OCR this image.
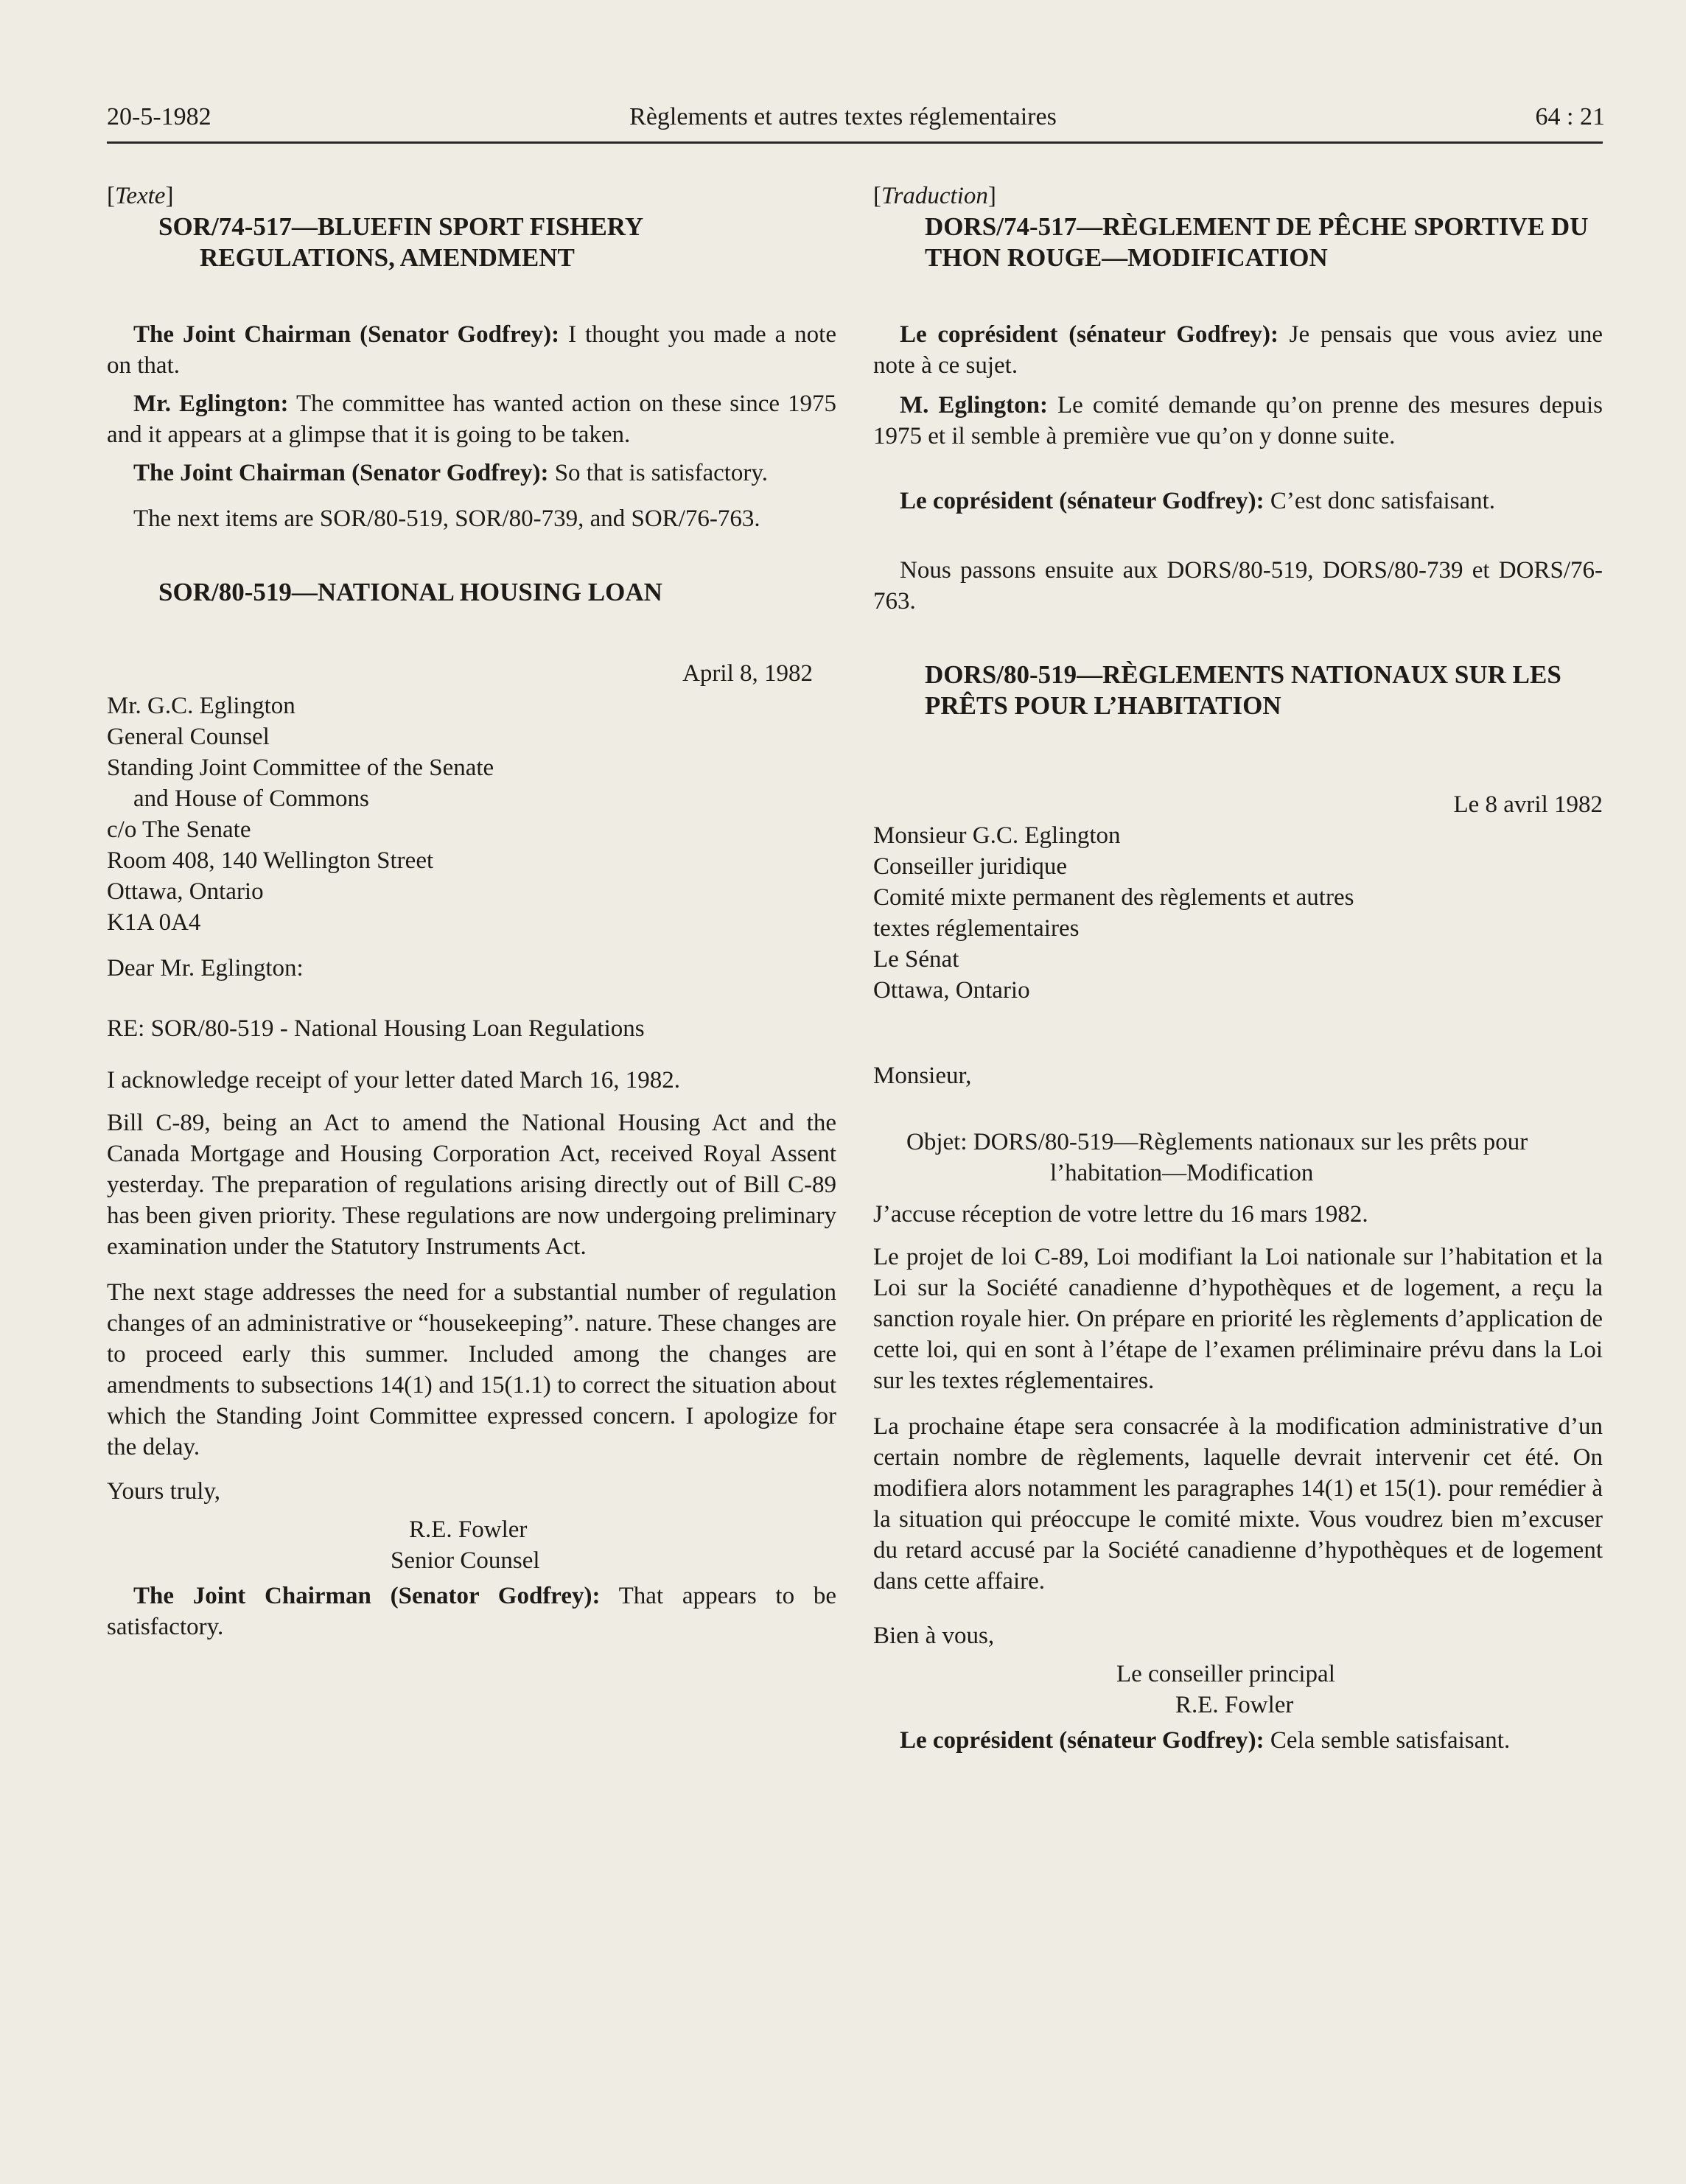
20-5-1982	Règlements et autres textes réglementaires	64 : 21

[Texte]

SOR/74-517—BLUEFIN SPORT FISHERY REGULATIONS, AMENDMENT

The Joint Chairman (Senator Godfrey): I thought you made a note on that.

Mr. Eglington: The committee has wanted action on these since 1975 and it appears at a glimpse that it is going to be taken.

The Joint Chairman (Senator Godfrey): So that is satisfactory.

The next items are SOR/80-519, SOR/80-739, and SOR/76-763.

SOR/80-519—NATIONAL HOUSING LOAN

April 8, 1982

Mr. G.C. Eglington

General Counsel

Standing Joint Committee of the Senate

and House of Commons

c/o The Senate

Room 408, 140 Wellington Street

Ottawa, Ontario

K1A 0A4

Dear Mr. Eglington:

RE: SOR/80-519 - National Housing Loan Regulations

I acknowledge receipt of your letter dated March 16, 1982.

Bill C-89, being an Act to amend the National Housing Act and the Canada Mortgage and Housing Corporation Act, received Royal Assent yesterday. The preparation of regulations arising directly out of Bill C-89 has been given priority. These regulations are now undergoing preliminary examination under the Statutory Instruments Act.

The next stage addresses the need for a substantial number of regulation changes of an administrative or “housekeeping”. nature. These changes are to proceed early this summer. Included among the changes are amendments to subsections 14(1) and 15(1.1) to correct the situation about which the Standing Joint Committee expressed concern. I apologize for the delay.

Yours truly,

R.E. Fowler

Senior Counsel

The Joint Chairman (Senator Godfrey): That appears to be satisfactory.

[Traduction]

DORS/74-517—RÈGLEMENT DE PÊCHE SPORTIVE DU THON ROUGE—MODIFICATION

Le coprésident (sénateur Godfrey): Je pensais que vous aviez une note à ce sujet.

M. Eglington: Le comité demande qu’on prenne des mesures depuis 1975 et il semble à première vue qu’on y donne suite.

Le coprésident (sénateur Godfrey): C’est donc satisfaisant.

Nous passons ensuite aux DORS/80-519, DORS/80-739 et DORS/76-763.

DORS/80-519—RÈGLEMENTS NATIONAUX SUR LES PRÊTS POUR L’HABITATION

Le 8 avril 1982

Monsieur G.C. Eglington

Conseiller juridique

Comité mixte permanent des règlements et autres

textes réglementaires

Le Sénat

Ottawa, Ontario

Monsieur,

Objet: DORS/80-519—Règlements nationaux sur les prêts pour l’habitation—Modification

J’accuse réception de votre lettre du 16 mars 1982.

Le projet de loi C-89, Loi modifiant la Loi nationale sur l’habitation et la Loi sur la Société canadienne d’hypothèques et de logement, a reçu la sanction royale hier. On prépare en priorité les règlements d’application de cette loi, qui en sont à l’étape de l’examen préliminaire prévu dans la Loi sur les textes réglementaires.

La prochaine étape sera consacrée à la modification administrative d’un certain nombre de règlements, laquelle devrait intervenir cet été. On modifiera alors notamment les paragraphes 14(1) et 15(1). pour remédier à la situation qui préoccupe le comité mixte. Vous voudrez bien m’excuser du retard accusé par la Société canadienne d’hypothèques et de logement dans cette affaire.

Bien à vous,

Le conseiller principal

R.E. Fowler

Le coprésident (sénateur Godfrey): Cela semble satisfaisant.
